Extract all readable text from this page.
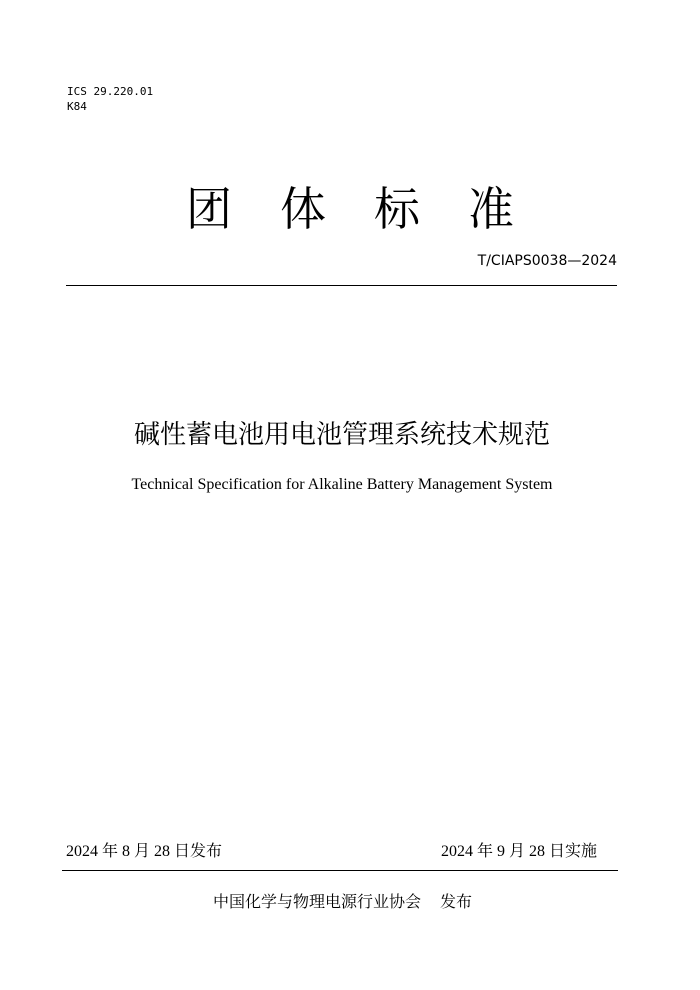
ICS 29.220.01
K84
团体标准
T/CIAPS0038—2024
碱性蓄电池用电池管理系统技术规范
Technical Specification for Alkaline Battery Management System
2024 年 8 月 28 日发布	2024 年 9 月 28 日实施
中国化学与物理电源行业协会 发布
